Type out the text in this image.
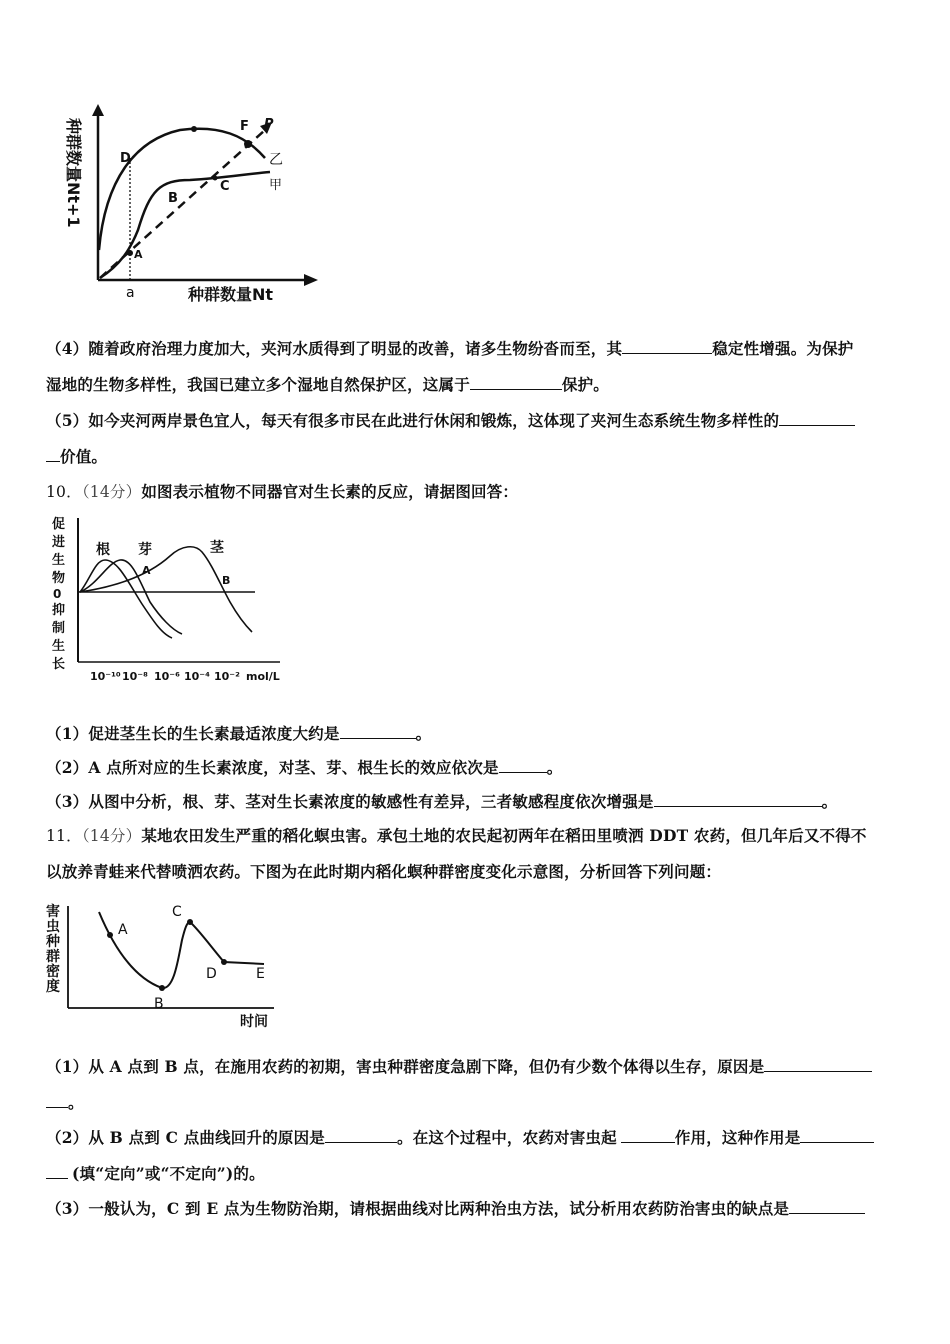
D
F P
乙
B
C	甲
A
a	种群数量Nt
种群数量Nt+1
（4）随着政府治理力度加大，夹河水质得到了明显的改善，诸多生物纷沓而至，其	稳定性增强。为保护
湿地的生物多样性，我国已建立多个湿地自然保护区，这属于	保护。
（5）如今夹河两岸景色宜人，每天有很多市民在此进行休闲和锻炼，这体现了夹河生态系统生物多样性的
价值。
10．（14分）如图表示植物不同器官对生长素的反应，请据图回答：
促
进
生
物
0
抑
制
生
长
根 芽	茎
A
B
10⁻¹⁰ 10⁻⁸ 10⁻⁶ 10⁻⁴ 10⁻² mol/L
（1）促进茎生长的生长素最适浓度大约是	。
（2）A 点所对应的生长素浓度，对茎、芽、根生长的效应依次是	。
（3）从图中分析，根、芽、茎对生长素浓度的敏感性有差异，三者敏感程度依次增强是	。
11．（14分）某地农田发生严重的稻化螟虫害。承包土地的农民起初两年在稻田里喷洒 DDT 农药，但几年后又不得不
以放养青蛙来代替喷洒农药。下图为在此时期内稻化螟种群密度变化示意图，分析回答下列问题：
害
虫
种
群
密
度
A
B
C
D	E
时间
（1）从 A 点到 B 点，在施用农药的初期，害虫种群密度急剧下降，但仍有少数个体得以生存，原因是
。
（2）从 B 点到 C 点曲线回升的原因是	。在这个过程中，农药对害虫起	作用，这种作用是
(填“定向”或“不定向”)的。
（3）一般认为，C 到 E 点为生物防治期，请根据曲线对比两种治虫方法，试分析用农药防治害虫的缺点是
